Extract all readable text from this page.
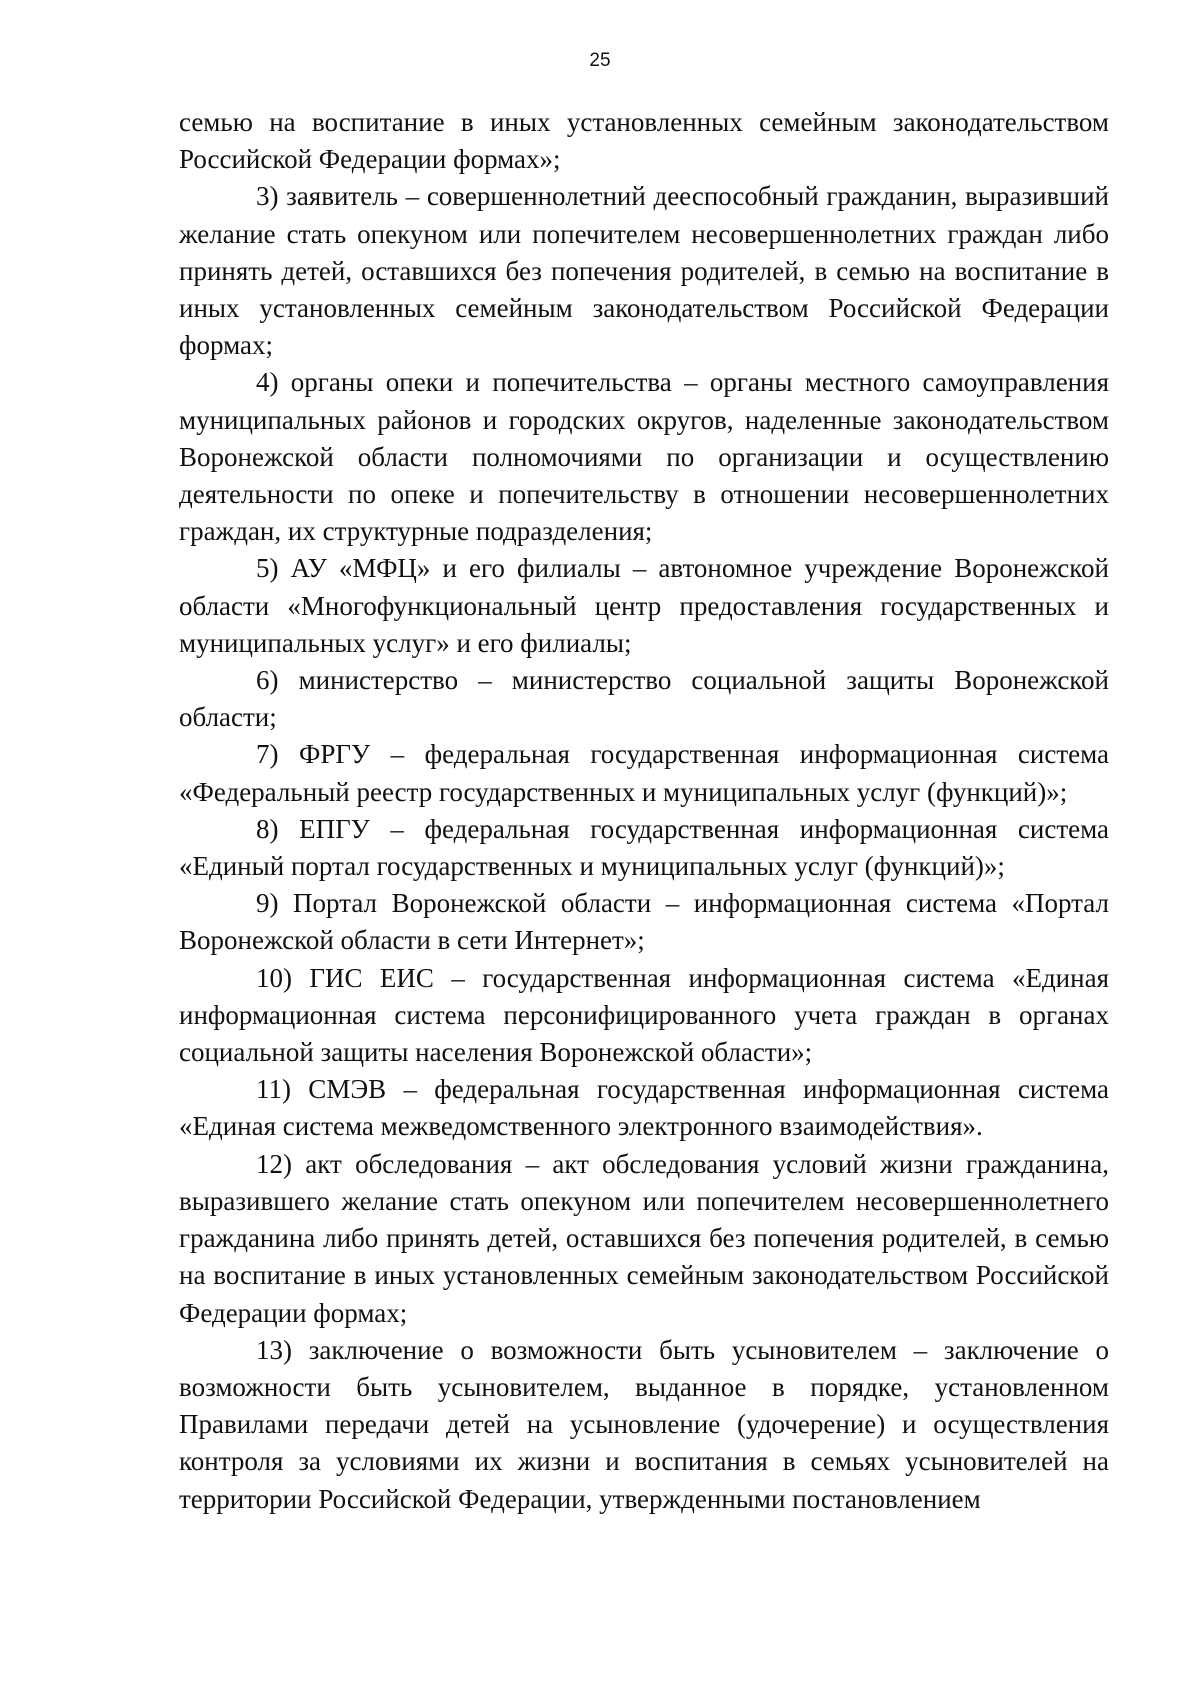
25

семью на воспитание в иных установленных семейным законодательством Российской Федерации формах»;

3) заявитель – совершеннолетний дееспособный гражданин, выразивший желание стать опекуном или попечителем несовершеннолетних граждан либо принять детей, оставшихся без попечения родителей, в семью на воспитание в иных установленных семейным законодательством Российской Федерации формах;

4) органы опеки и попечительства – органы местного самоуправления муниципальных районов и городских округов, наделенные законодательством Воронежской области полномочиями по организации и осуществлению деятельности по опеке и попечительству в отношении несовершеннолетних граждан, их структурные подразделения;

5) АУ «МФЦ» и его филиалы – автономное учреждение Воронежской области «Многофункциональный центр предоставления государственных и муниципальных услуг» и его филиалы;

6) министерство – министерство социальной защиты Воронежской области;

7) ФРГУ – федеральная государственная информационная система «Федеральный реестр государственных и муниципальных услуг (функций)»;

8) ЕПГУ – федеральная государственная информационная система «Единый портал государственных и муниципальных услуг (функций)»;

9) Портал Воронежской области – информационная система «Портал Воронежской области в сети Интернет»;

10) ГИС ЕИС – государственная информационная система «Единая информационная система персонифицированного учета граждан в органах социальной защиты населения Воронежской области»;

11) СМЭВ – федеральная государственная информационная система «Единая система межведомственного электронного взаимодействия».

12) акт обследования – акт обследования условий жизни гражданина, выразившего желание стать опекуном или попечителем несовершеннолетнего гражданина либо принять детей, оставшихся без попечения родителей, в семью на воспитание в иных установленных семейным законодательством Российской Федерации формах;

13) заключение о возможности быть усыновителем – заключение о возможности быть усыновителем, выданное в порядке, установленном Правилами передачи детей на усыновление (удочерение) и осуществления контроля за условиями их жизни и воспитания в семьях усыновителей на территории Российской Федерации, утвержденными постановлением
